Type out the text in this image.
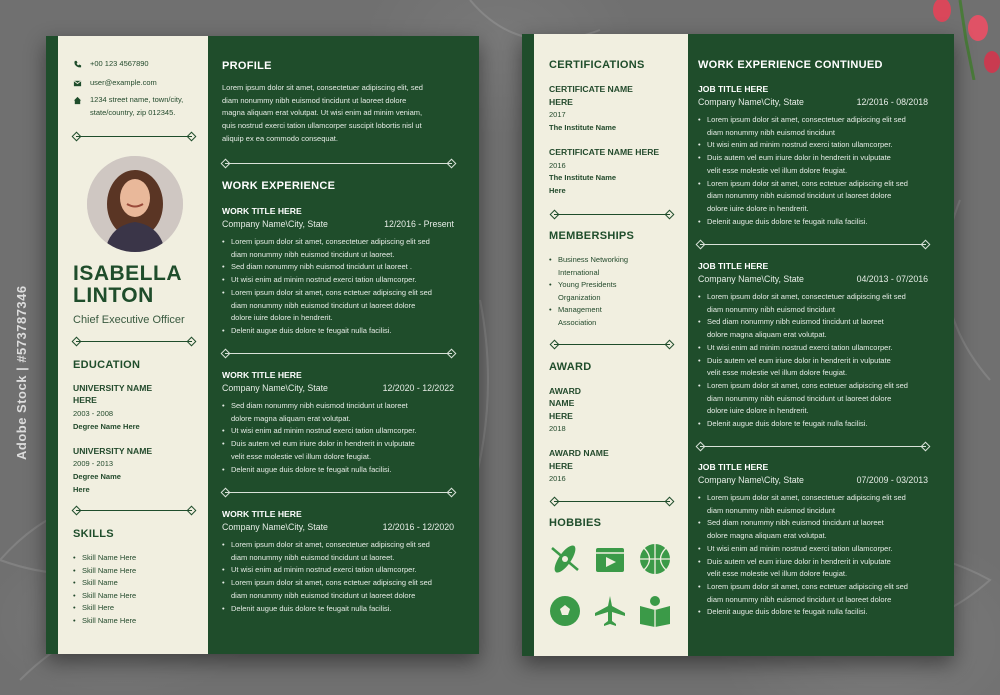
Adobe Stock | #573787346
+00 123 4567890
user@example.com
1234 street name, town/city,
state/country, zip 012345.
ISABELLA
LINTON
Chief Executive Officer
EDUCATION
UNIVERSITY NAME
HERE
2003 - 2008
Degree Name Here
UNIVERSITY NAME
2009 - 2013
Degree Name
Here
SKILLS
• Skill Name Here
• Skill Name Here
• Skill Name
• Skill Name Here
• Skill Here
• Skill Name Here
PROFILE
Lorem ipsum dolor sit amet, consectetuer adipiscing elit, sed
diam nonummy nibh euismod tincidunt ut laoreet dolore
magna aliquam erat volutpat. Ut wisi enim ad minim veniam,
quis nostrud exerci tation ullamcorper suscipit lobortis nisl ut
aliquip ex ea commodo consequat.
WORK EXPERIENCE
WORK TITLE HERE
Company Name\City, State	12/2016 - Present
• Lorem ipsum dolor sit amet, consectetuer adipiscing elit sed
diam nonummy nibh euismod tincidunt ut laoreet.
• Sed diam nonummy nibh euismod tincidunt ut laoreet .
• Ut wisi enim ad minim nostrud exerci tation ullamcorper.
• Lorem ipsum dolor sit amet, cons ectetuer adipiscing elit sed
diam nonummy nibh euismod tincidunt ut laoreet dolore
dolore iuire dolore in hendrerit.
• Delenit augue duis dolore te feugait nulla facilisi.
WORK TITLE HERE
Company Name\City, State	12/2020 - 12/2022
• Sed diam nonummy nibh euismod tincidunt ut laoreet
dolore magna aliquam erat volutpat.
• Ut wisi enim ad minim nostrud exerci tation ullamcorper.
• Duis autem vel eum iriure dolor in hendrerit in vulputate
velit esse molestie vel illum dolore feugiat.
• Delenit augue duis dolore te feugait nulla facilisi.
WORK TITLE HERE
Company Name\City, State	12/2016 - 12/2020
• Lorem ipsum dolor sit amet, consectetuer adipiscing elit sed
diam nonummy nibh euismod tincidunt ut laoreet.
• Ut wisi enim ad minim nostrud exerci tation ullamcorper.
• Lorem ipsum dolor sit amet, cons ectetuer adipiscing elit sed
diam nonummy nibh euismod tincidunt ut laoreet dolore
• Delenit augue duis dolore te feugait nulla facilisi.
CERTIFICATIONS
CERTIFICATE NAME
HERE
2017
The Institute Name
CERTIFICATE NAME HERE
2016
The Institute Name
Here
MEMBERSHIPS
• Business Networking
International
• Young Presidents
Organization
• Management
Association
AWARD
AWARD
NAME
HERE
2018
AWARD NAME
HERE
2016
HOBBIES
WORK EXPERIENCE CONTINUED
JOB TITLE HERE
Company Name\City, State	12/2016 - 08/2018
• Lorem ipsum dolor sit amet, consectetuer adipiscing elit sed
diam nonummy nibh euismod tincidunt
• Ut wisi enim ad minim nostrud exerci tation ullamcorper.
• Duis autem vel eum iriure dolor in hendrerit in vulputate
velit esse molestie vel illum dolore feugiat.
• Lorem ipsum dolor sit amet, cons ectetuer adipiscing elit sed
diam nonummy nibh euismod tincidunt ut laoreet dolore
dolore iuire dolore in hendrerit.
• Delenit augue duis dolore te feugait nulla facilisi.
JOB TITLE HERE
Company Name\City, State	04/2013 - 07/2016
• Lorem ipsum dolor sit amet, consectetuer adipiscing elit sed
diam nonummy nibh euismod tincidunt
• Sed diam nonummy nibh euismod tincidunt ut laoreet
dolore magna aliquam erat volutpat.
• Ut wisi enim ad minim nostrud exerci tation ullamcorper.
• Duis autem vel eum iriure dolor in hendrerit in vulputate
velit esse molestie vel illum dolore feugiat.
• Lorem ipsum dolor sit amet, cons ectetuer adipiscing elit sed
diam nonummy nibh euismod tincidunt ut laoreet dolore
dolore iuire dolore in hendrerit.
• Delenit augue duis dolore te feugait nulla facilisi.
JOB TITLE HERE
Company Name\City, State	07/2009 - 03/2013
• Lorem ipsum dolor sit amet, consectetuer adipiscing elit sed
diam nonummy nibh euismod tincidunt
• Sed diam nonummy nibh euismod tincidunt ut laoreet
dolore magna aliquam erat volutpat.
• Ut wisi enim ad minim nostrud exerci tation ullamcorper.
• Duis autem vel eum iriure dolor in hendrerit in vulputate
velit esse molestie vel illum dolore feugiat.
• Lorem ipsum dolor sit amet, cons ectetuer adipiscing elit sed
diam nonummy nibh euismod tincidunt ut laoreet dolore
• Delenit augue duis dolore te feugait nulla facilisi.
